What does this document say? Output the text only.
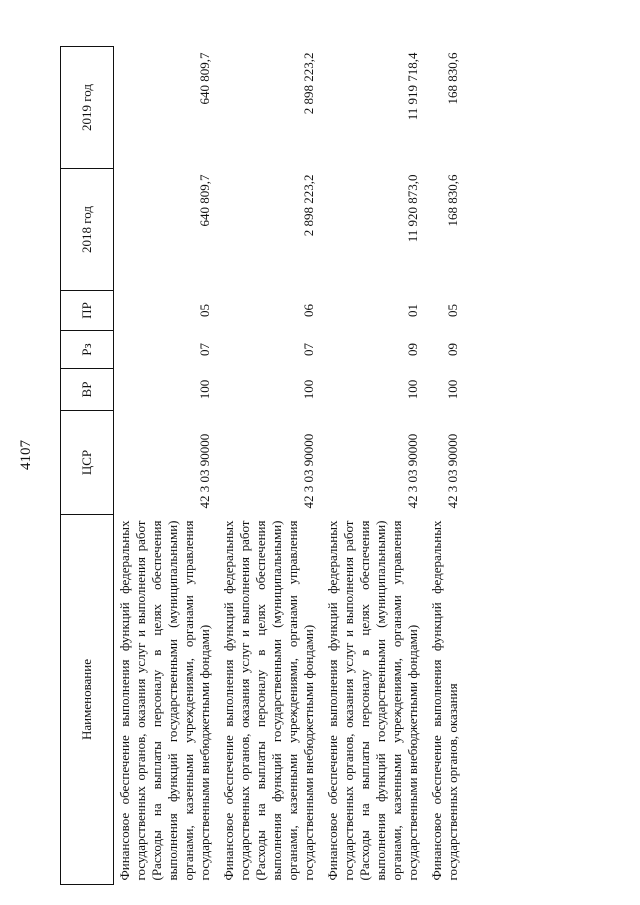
4107
Наименование	ЦСР	ВР	Рз	ПР	2018 год	2019 год
Финансовое обеспечение выполнения функций федеральных государственных органов, оказания услуг и выполнения работ (Расходы на выплаты персоналу в целях обеспечения выполнения функций государственными (муниципальными) органами, казенными учреждениями, органами управления государственными внебюджетными фондами)	42 3 03 90000	100	07	05	640 809,7	640 809,7
Финансовое обеспечение выполнения функций федеральных государственных органов, оказания услуг и выполнения работ (Расходы на выплаты персоналу в целях обеспечения выполнения функций государственными (муниципальными) органами, казенными учреждениями, органами управления государственными внебюджетными фондами)	42 3 03 90000	100	07	06	2 898 223,2	2 898 223,2
Финансовое обеспечение выполнения функций федеральных государственных органов, оказания услуг и выполнения работ (Расходы на выплаты персоналу в целях обеспечения выполнения функций государственными (муниципальными) органами, казенными учреждениями, органами управления государственными внебюджетными фондами)	42 3 03 90000	100	09	01	11 920 873,0	11 919 718,4
Финансовое обеспечение выполнения функций федеральных государственных органов, оказания	42 3 03 90000	100	09	05	168 830,6	168 830,6
